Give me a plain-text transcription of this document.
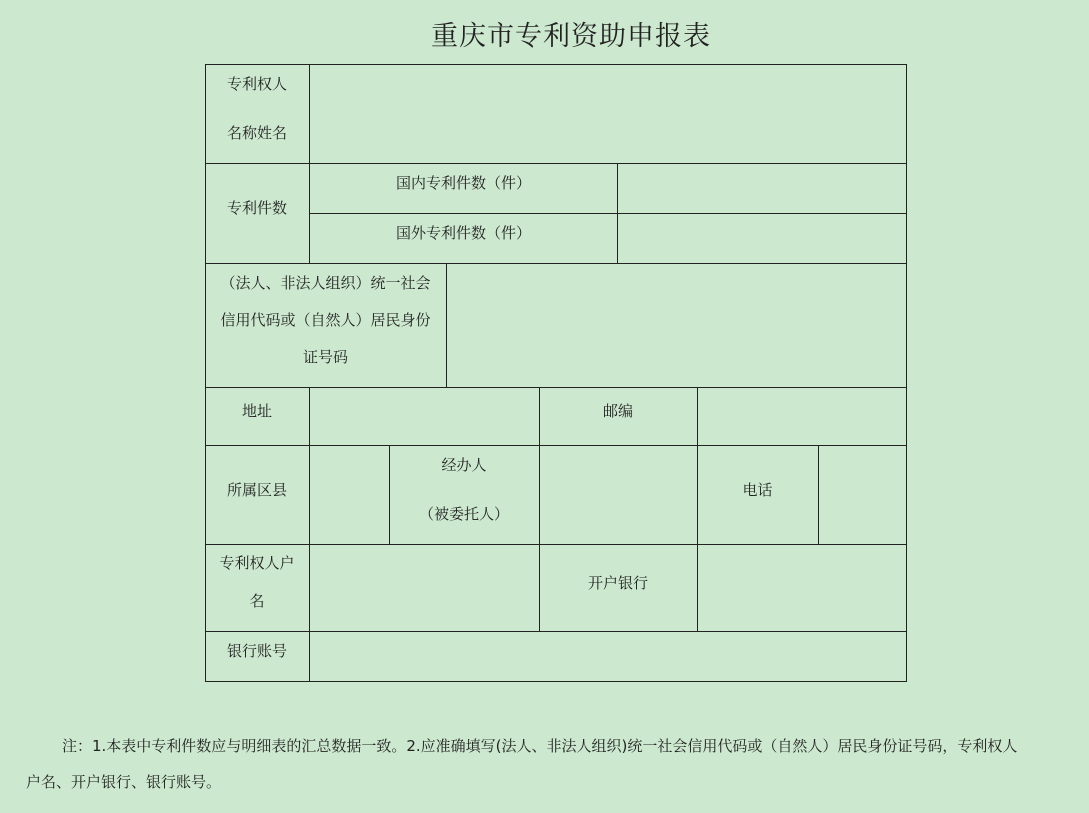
重庆市专利资助申报表
专利权人
名称姓名
专利件数
国内专利件数（件）
国外专利件数（件）
（法人、非法人组织）统一社会
信用代码或（自然人）居民身份
证号码
地址	邮编
所属区县
经办人
（被委托人）
电话
专利权人户
名
开户银行
银行账号
注：1.本表中专利件数应与明细表的汇总数据一致。2.应准确填写(法人、非法人组织)统一社会信用代码或（自然人）居民身份证号码，专利权人
户名、开户银行、银行账号。
